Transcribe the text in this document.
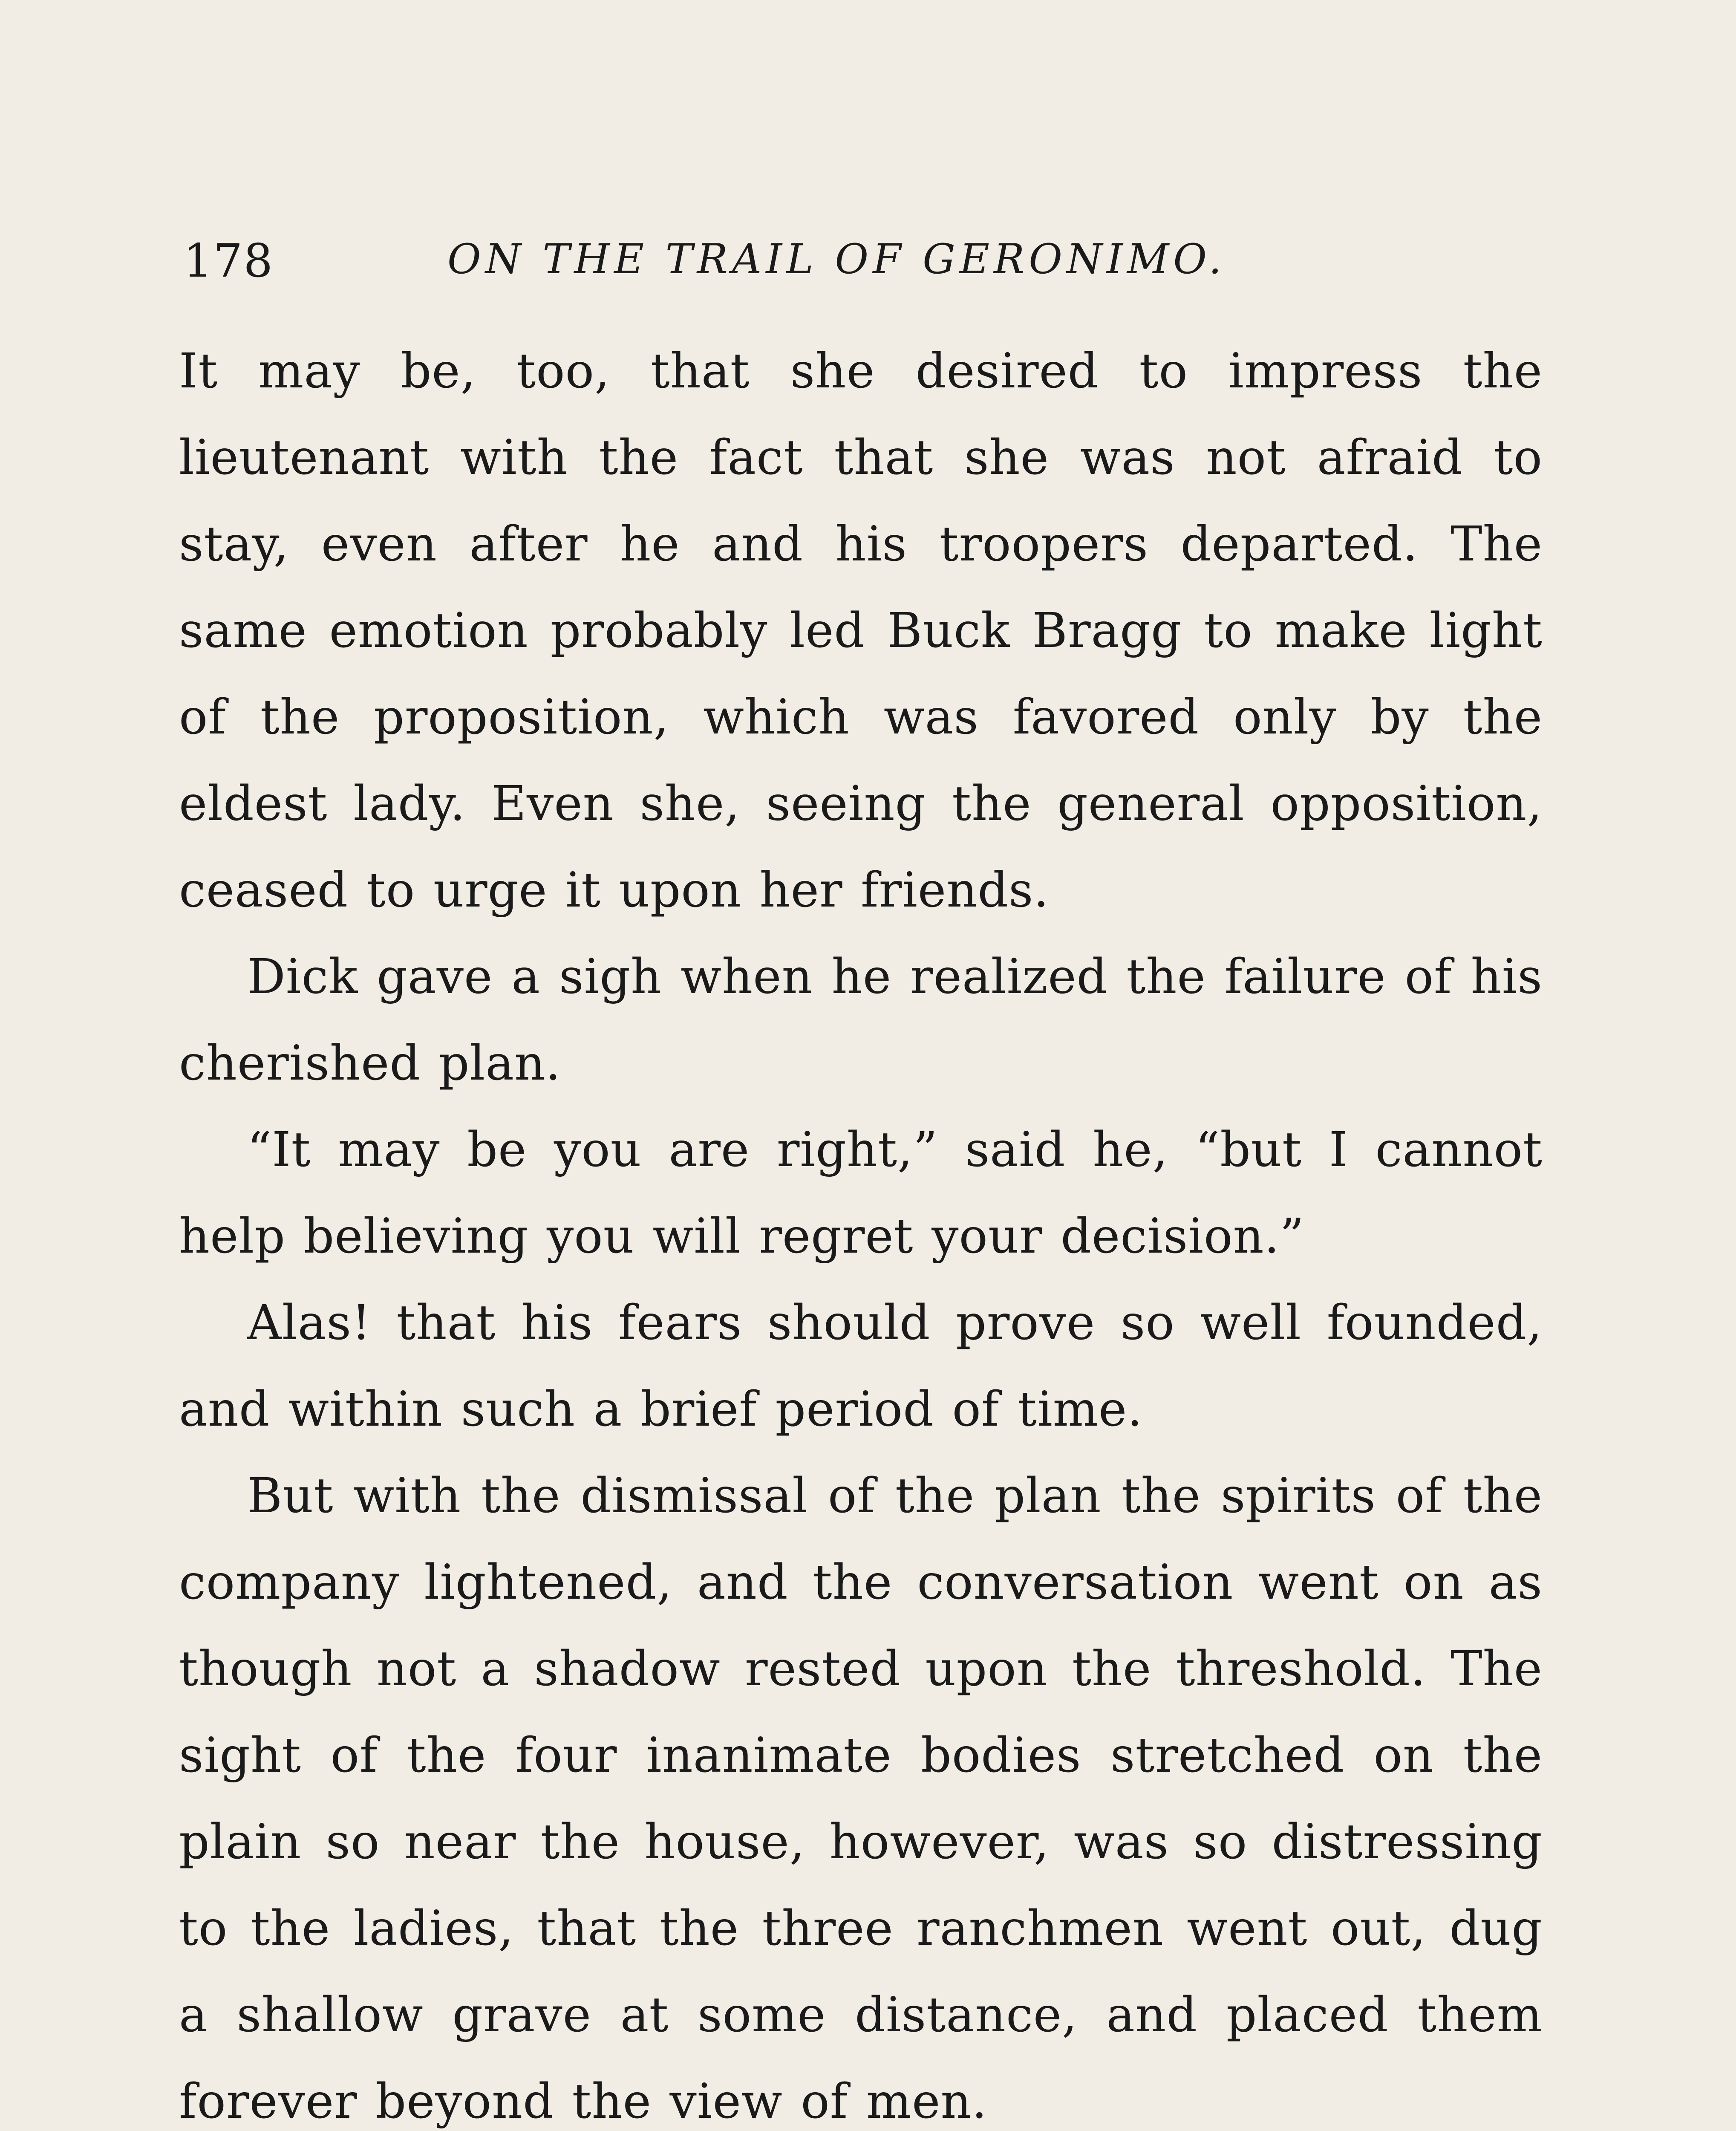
178	ON THE TRAIL OF GERONIMO.

It may be, too, that she desired to impress the lieutenant with the fact that she was not afraid to stay, even after he and his troopers departed. The same emotion probably led Buck Bragg to make light of the proposition, which was favored only by the eldest lady. Even she, seeing the general opposition, ceased to urge it upon her friends.

Dick gave a sigh when he realized the failure of his cherished plan.

“It may be you are right,” said he, “but I cannot help believing you will regret your decision.”

Alas! that his fears should prove so well founded, and within such a brief period of time.

But with the dismissal of the plan the spirits of the company lightened, and the conversation went on as though not a shadow rested upon the threshold. The sight of the four inanimate bodies stretched on the plain so near the house, however, was so distressing to the ladies, that the three ranchmen went out, dug a shallow grave at some distance, and placed them forever beyond the view of men.
